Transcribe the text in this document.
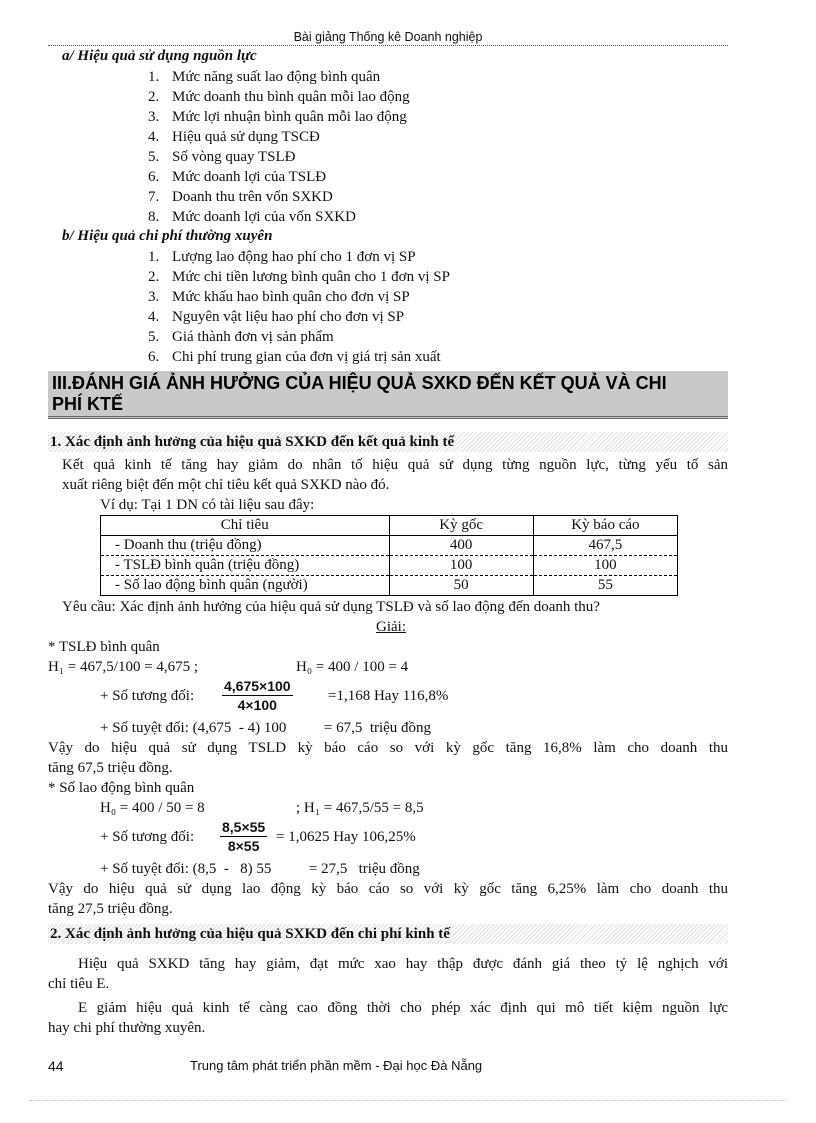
Bài giảng Thống kê Doanh nghiệp
a/ Hiệu quả sử dụng nguồn lực
1. Mức năng suất lao động bình quân
2. Mức doanh thu bình quân mỗi lao động
3. Mức lợi nhuận bình quân mỗi lao động
4. Hiệu quả sử dụng TSCĐ
5. Số vòng quay TSLĐ
6. Mức doanh lợi của TSLĐ
7. Doanh thu trên vốn SXKD
8. Mức doanh lợi của vốn SXKD
b/ Hiệu quả chi phí thường xuyên
1. Lượng lao động hao phí cho 1 đơn vị SP
2. Mức chi tiền lương bình quân cho 1 đơn vị SP
3. Mức khấu hao bình quân cho đơn vị SP
4. Nguyên vật liệu hao phí cho đơn vị SP
5. Giá thành đơn vị sản phẩm
6. Chi phí trung gian của đơn vị giá trị sản xuất
III.ĐÁNH GIÁ ẢNH HƯỞNG CỦA HIỆU QUẢ SXKD ĐẾN KẾT QUẢ VÀ CHI
PHÍ KTẾ
1. Xác định ảnh hưởng của hiệu quả SXKD đến kết quả kinh tế
Kết quả kinh tế tăng hay giảm do nhân tố hiệu quả sử dụng từng nguồn lực, từng yếu tố sản
xuất riêng biệt đến một chỉ tiêu kết quả SXKD nào đó.
Ví dụ: Tại 1 DN có tài liệu sau đây:
Chỉ tiêu	Kỳ gốc	Kỳ báo cáo
- Doanh thu (triệu đồng)	400	467,5
- TSLĐ bình quân (triệu đồng)	100	100
- Số lao động bình quân (người)	50	55
Yêu cầu: Xác định ảnh hưởng của hiệu quả sử dụng TSLĐ và số lao động đến doanh thu?
Giải:
* TSLĐ bình quân
H₁ = 467,5/100 = 4,675 ;	H₀ = 400 / 100 = 4
+ Số tương đối: $\frac{4,675\times 100}{4\times 100} =1,168$ Hay 116,8%
+ Số tuyệt đối: (4,675  - 4) 100          = 67,5  triệu đồng
Vậy do hiệu quả sử dụng TSLD kỳ báo cáo so với kỳ gốc tăng 16,8% làm cho doanh thu
tăng 67,5 triệu đồng.
* Số lao động bình quân
H₀ = 400 / 50 = 8	; H₁ = 467,5/55 = 8,5
+ Số tương đối: $\frac{8,5\times 55}{8\times 55} = 1,0625$ Hay 106,25%
+ Số tuyệt đối: (8,5  -   8) 55          = 27,5   triệu đồng
Vậy do hiệu quả sử dụng lao động kỳ báo cáo so với kỳ gốc tăng 6,25% làm cho doanh thu
tăng 27,5 triệu đồng.
2. Xác định ảnh hưởng của hiệu quả SXKD đến chi phí kinh tế
Hiệu quả SXKD tăng hay giảm, đạt mức xao hay thập được đánh giá theo tỷ lệ nghịch với
chỉ tiêu E.
E giảm hiệu quả kinh tế càng cao đồng thời cho phép xác định qui mô tiết kiệm nguồn lực
hay chi phí thường xuyên.
44	Trung tâm phát triển phần mềm - Đại học Đà Nẵng
